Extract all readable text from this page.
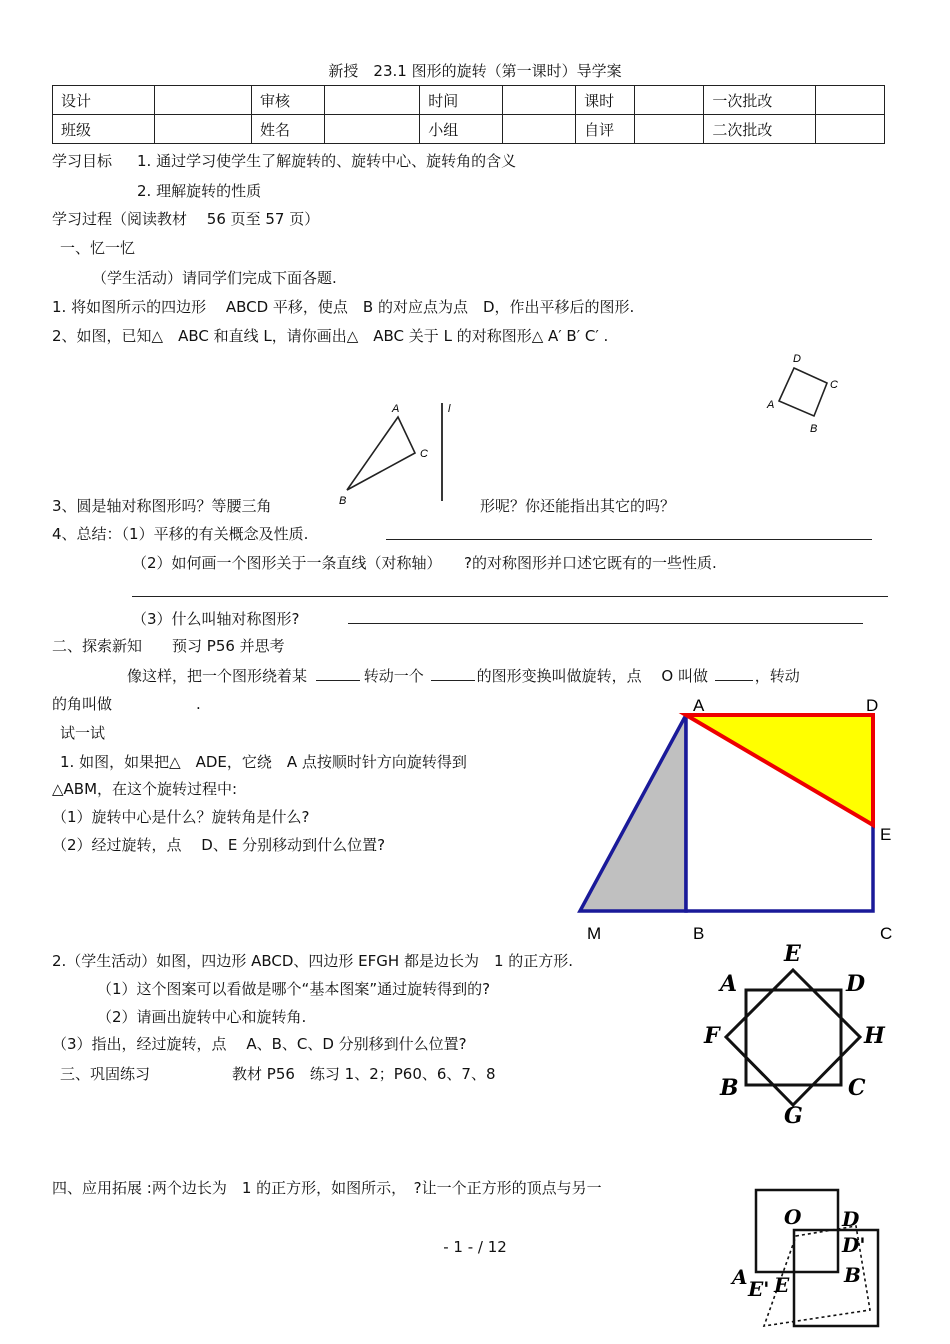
新授　23.1 图形的旋转（第一课时）导学案
设计		审核		时间		课时		一次批改	
班级		姓名		小组		自评		二次批改	
学习目标 1. 通过学习使学生了解旋转的、旋转中心、旋转角的含义
2. 理解旋转的性质
学习过程（阅读教材　 56 页至 57 页）
一、忆一忆
（学生活动）请同学们完成下面各题.
1. 将如图所示的四边形　 ABCD 平移，使点　B 的对应点为点　D，作出平移后的图形.
2、如图，已知△　ABC 和直线 L，请你画出△　ABC 关于 L 的对称图形△ A′ B′ C′ .
D
C
A
B
A
C
B
l
3、圆是轴对称图形吗？等腰三角	形呢？你还能指出其它的吗？
4、总结：（1）平移的有关概念及性质.
（2）如何画一个图形关于一条直线（对称轴）　　?的对称图形并口述它既有的一些性质.
（3）什么叫轴对称图形?
二、探索新知　　预习 P56 并思考
像这样，把一个图形绕着某	转动一个	的图形变换叫做旋转，点　 O 叫做	，转动
的角叫做	.
试一试
1. 如图，如果把△　ADE，它绕　A 点按顺时针方向旋转得到
△ABM，在这个旋转过程中:
（1）旋转中心是什么？旋转角是什么?
（2）经过旋转，点　 D、E 分别移动到什么位置?
A	D
E
M	B	C
2.（学生活动）如图，四边形 ABCD、四边形 EFGH 都是边长为　1 的正方形.
（1）这个图案可以看做是哪个“基本图案”通过旋转得到的?
（2）请画出旋转中心和旋转角.
（3）指出，经过旋转，点　 A、B、C、D 分别移到什么位置?
E
A	D
F	H
B	C
G
三、巩固练习	教材 P56　练习 1、2；P60、6、7、8
四、应用拓展 :两个边长为　1 的正方形，如图所示，　?让一个正方形的顶点与另一
- 1 - / 12
O D
D'
A E' E	B
